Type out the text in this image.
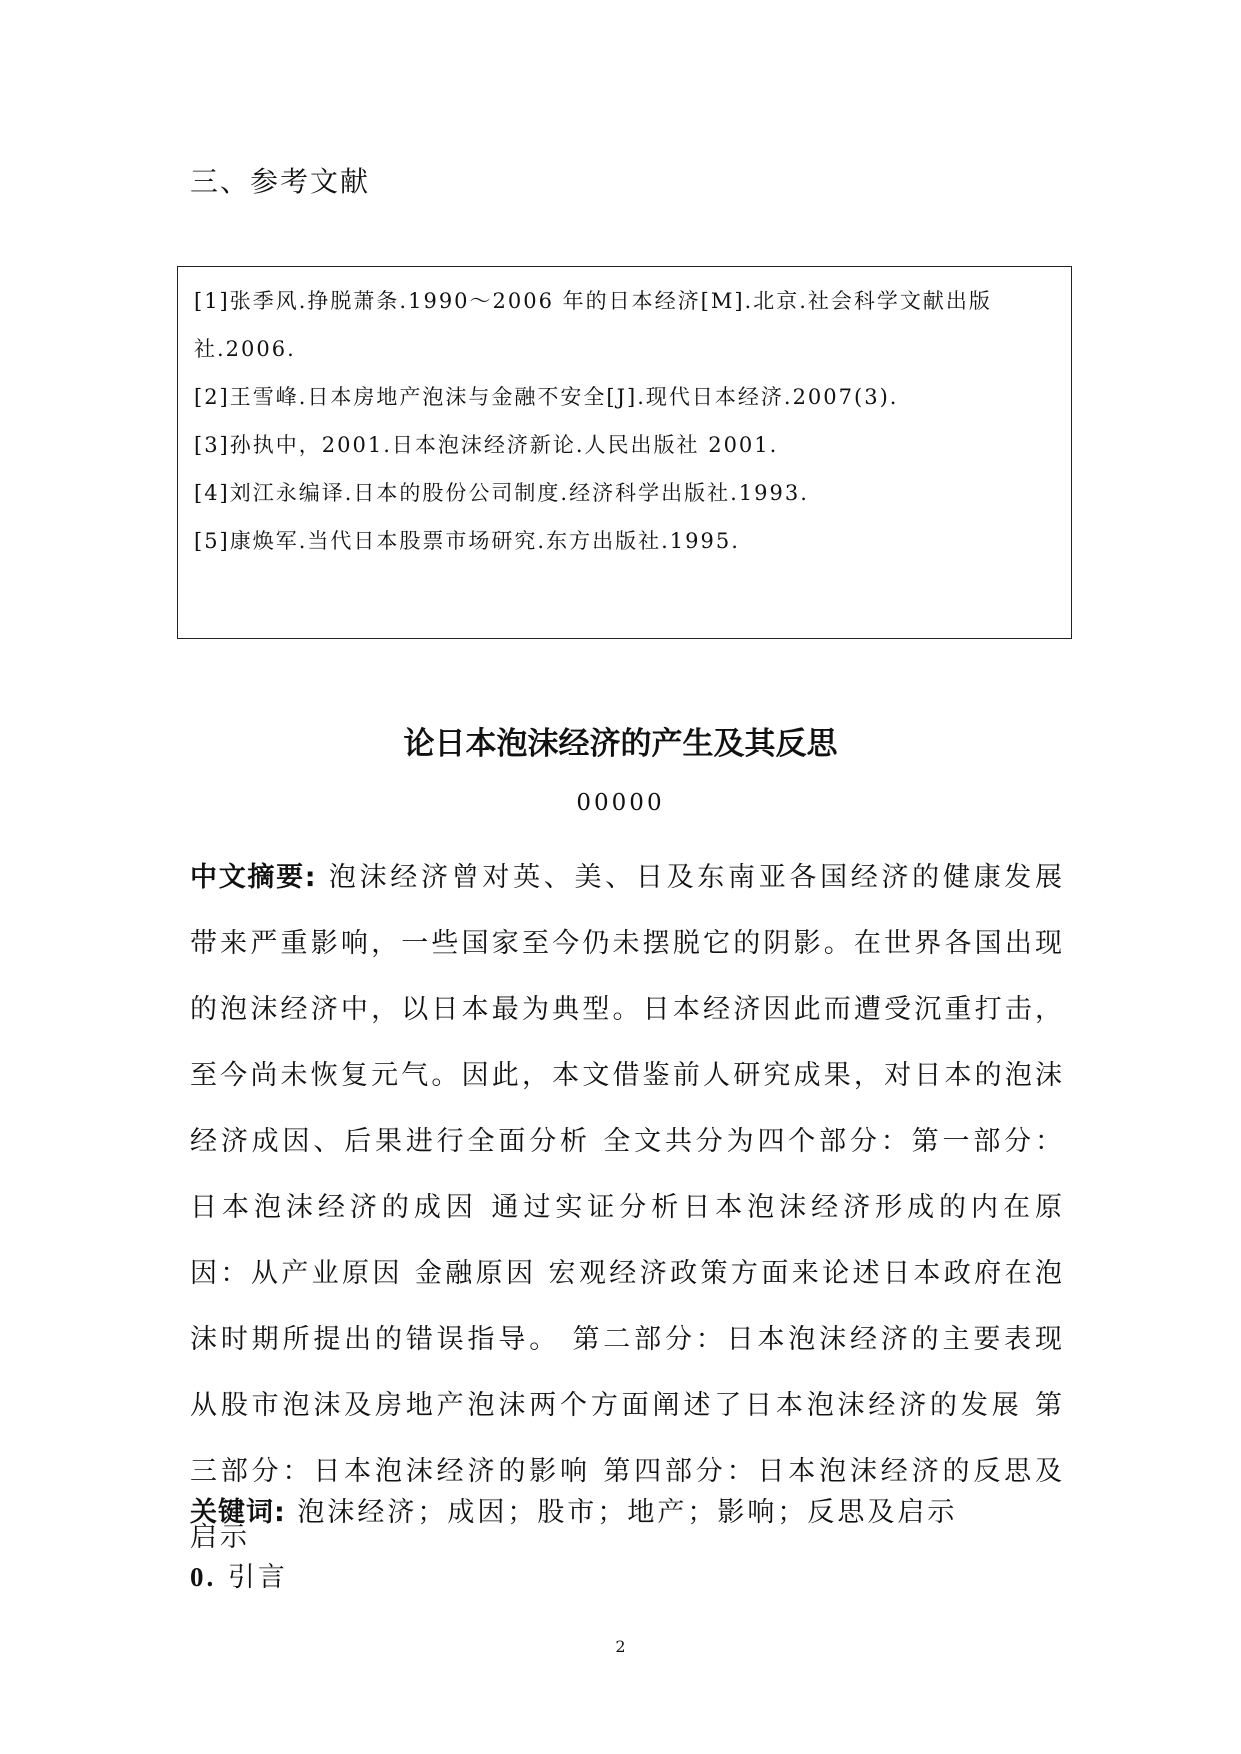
三、参考文献

[1]张季风.挣脱萧条.1990～2006 年的日本经济[M].北京.社会科学文献出版社.2006.

[2]王雪峰.日本房地产泡沫与金融不安全[J].现代日本经济.2007(3).

[3]孙执中，2001.日本泡沫经济新论.人民出版社 2001.

[4]刘江永编译.日本的股份公司制度.经济科学出版社.1993.

[5]康焕军.当代日本股票市场研究.东方出版社.1995.

论日本泡沫经济的产生及其反思
00000

中文摘要: 泡沫经济曾对英、美、日及东南亚各国经济的健康发展带来严重影响，一些国家至今仍未摆脱它的阴影。在世界各国出现的泡沫经济中，以日本最为典型。日本经济因此而遭受沉重打击，至今尚未恢复元气。因此，本文借鉴前人研究成果，对日本的泡沫经济成因、后果进行全面分析 全文共分为四个部分：第一部分：日本泡沫经济的成因 通过实证分析日本泡沫经济形成的内在原因：从产业原因 金融原因 宏观经济政策方面来论述日本政府在泡沫时期所提出的错误指导。 第二部分：日本泡沫经济的主要表现 从股市泡沫及房地产泡沫两个方面阐述了日本泡沫经济的发展 第三部分：日本泡沫经济的影响 第四部分：日本泡沫经济的反思及启示

关键词: 泡沫经济；成因；股市；地产；影响；反思及启示

0. 引言

2
